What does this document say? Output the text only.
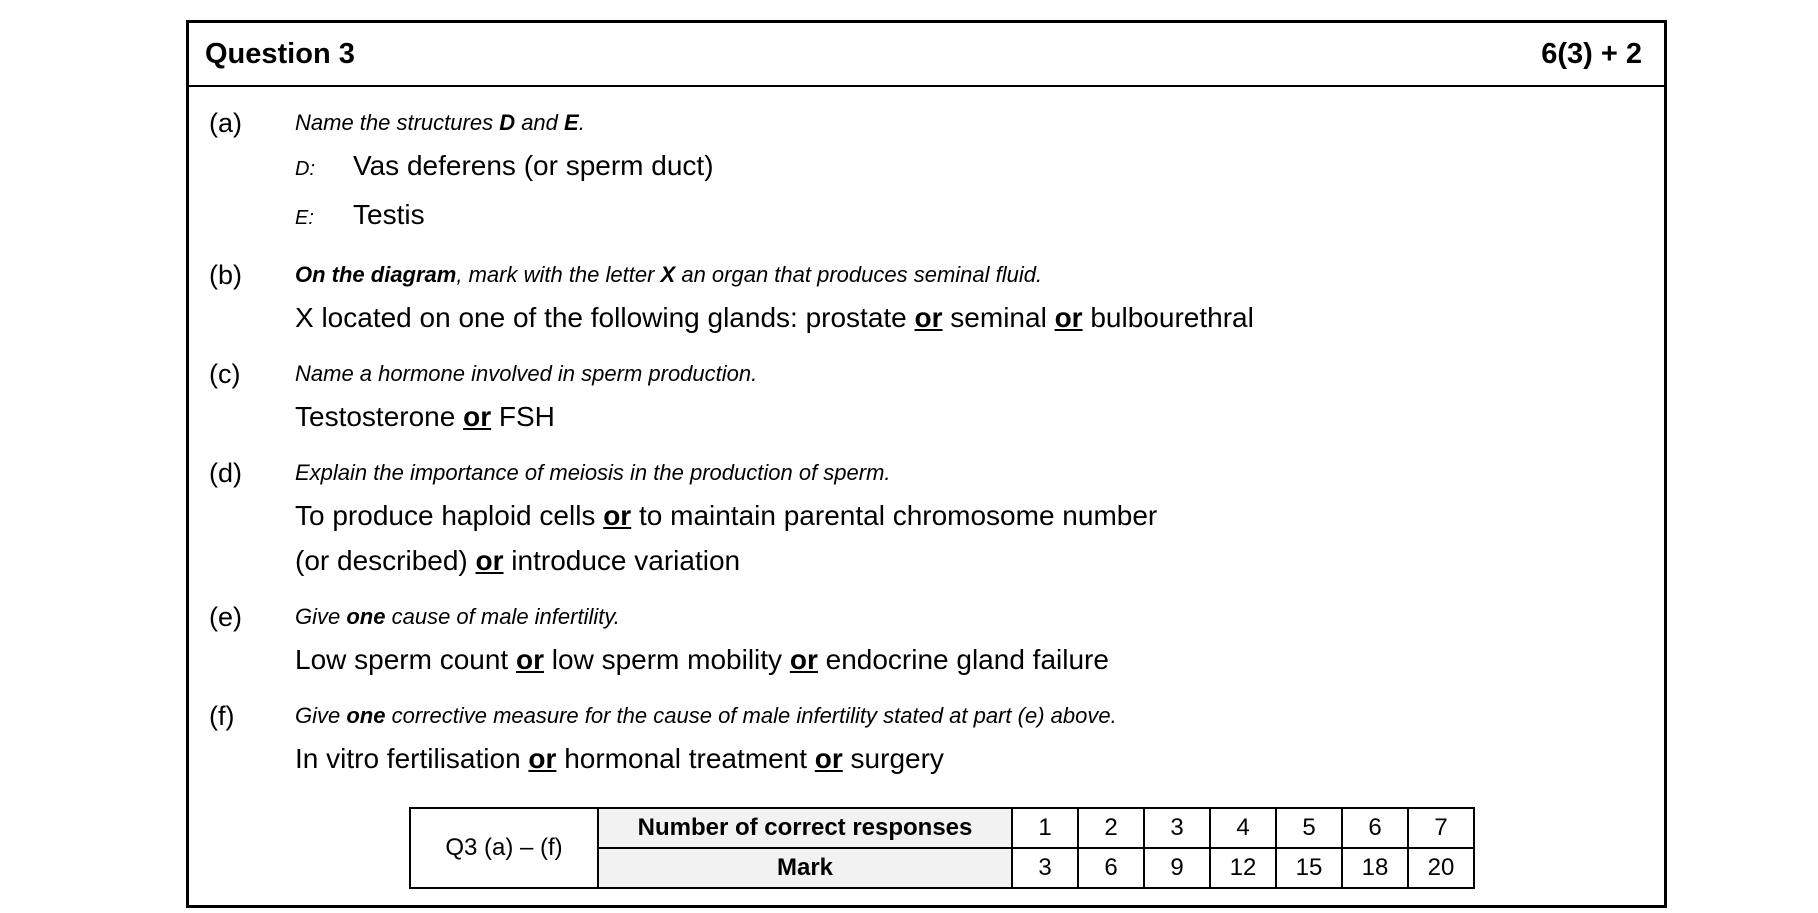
Question 3	6(3) + 2
(a)	Name the structures D and E.
D: Vas deferens (or sperm duct)
E: Testis
(b)	On the diagram, mark with the letter X an organ that produces seminal fluid.
X located on one of the following glands: prostate or seminal or bulbourethral
(c)	Name a hormone involved in sperm production.
Testosterone or FSH
(d)	Explain the importance of meiosis in the production of sperm.
To produce haploid cells or to maintain parental chromosome number
(or described) or introduce variation
(e)	Give one cause of male infertility.
Low sperm count or low sperm mobility or endocrine gland failure
(f)	Give one corrective measure for the cause of male infertility stated at part (e) above.
In vitro fertilisation or hormonal treatment or surgery
Q3 (a) – (f)	Number of correct responses	1	2	3	4	5	6	7
	Mark	3	6	9	12	15	18	20
